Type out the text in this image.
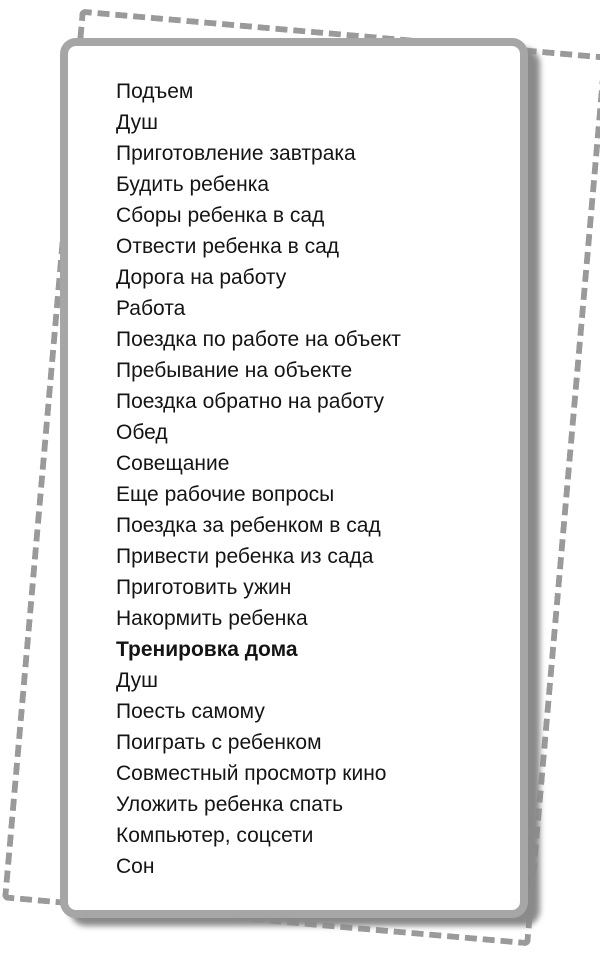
Подъем
Душ
Приготовление завтрака
Будить ребенка
Сборы ребенка в сад
Отвести ребенка в сад
Дорога на работу
Работа
Поездка по работе на объект
Пребывание на объекте
Поездка обратно на работу
Обед
Совещание
Еще рабочие вопросы
Поездка за ребенком в сад
Привести ребенка из сада
Приготовить ужин
Накормить ребенка
Тренировка дома
Душ
Поесть самому
Поиграть с ребенком
Совместный просмотр кино
Уложить ребенка спать
Компьютер, соцсети
Сон
